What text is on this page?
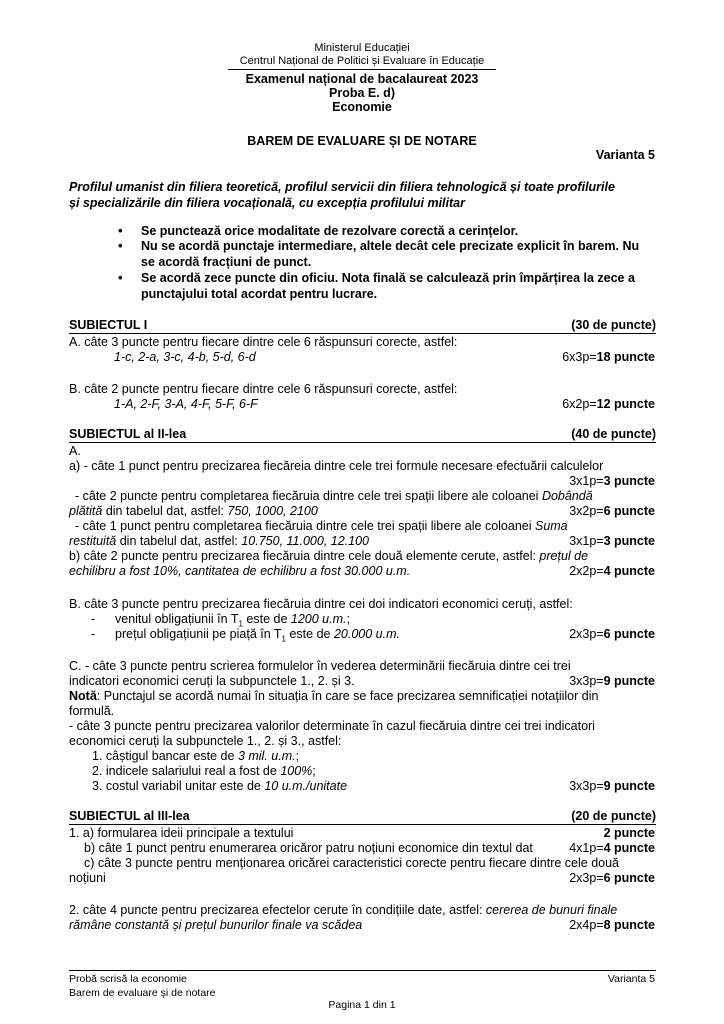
Ministerul Educației
Centrul Național de Politici și Evaluare în Educație
Examenul național de bacalaureat 2023
Proba E. d)
Economie
BAREM DE EVALUARE ȘI DE NOTARE
Varianta 5
Profilul umanist din filiera teoretică, profilul servicii din filiera tehnologică și toate profilurile
și specializările din filiera vocațională, cu excepția profilului militar
• Se punctează orice modalitate de rezolvare corectă a cerințelor.
• Nu se acordă punctaje intermediare, altele decât cele precizate explicit în barem. Nu
se acordă fracțiuni de punct.
• Se acordă zece puncte din oficiu. Nota finală se calculează prin împărțirea la zece a
punctajului total acordat pentru lucrare.
SUBIECTUL I	(30 de puncte)
A. câte 3 puncte pentru fiecare dintre cele 6 răspunsuri corecte, astfel:
1-c, 2-a, 3-c, 4-b, 5-d, 6-d	6x3p=18 puncte
B. câte 2 puncte pentru fiecare dintre cele 6 răspunsuri corecte, astfel:
1-A, 2-F, 3-A, 4-F, 5-F, 6-F	6x2p=12 puncte
SUBIECTUL al II-lea	(40 de puncte)
A.
a) - câte 1 punct pentru precizarea fiecăreia dintre cele trei formule necesare efectuării calculelor
3x1p=3 puncte
- câte 2 puncte pentru completarea fiecăruia dintre cele trei spații libere ale coloanei Dobândă
plătită din tabelul dat, astfel: 750, 1000, 2100	3x2p=6 puncte
- câte 1 punct pentru completarea fiecăruia dintre cele trei spații libere ale coloanei Suma
restituită din tabelul dat, astfel: 10.750, 11.000, 12.100	3x1p=3 puncte
b) câte 2 puncte pentru precizarea fiecăruia dintre cele două elemente cerute, astfel: prețul de
echilibru a fost 10%, cantitatea de echilibru a fost 30.000 u.m.	2x2p=4 puncte
B. câte 3 puncte pentru precizarea fiecăruia dintre cei doi indicatori economici ceruți, astfel:
- venitul obligațiunii în $T_1$ este de 1200 u.m.;
- prețul obligațiunii pe piață în $T_1$ este de 20.000 u.m.	2x3p=6 puncte
C. - câte 3 puncte pentru scrierea formulelor în vederea determinării fiecăruia dintre cei trei
indicatori economici ceruți la subpunctele 1., 2. și 3.	3x3p=9 puncte
Notă: Punctajul se acordă numai în situația în care se face precizarea semnificației notațiilor din
formulă.
- câte 3 puncte pentru precizarea valorilor determinate în cazul fiecăruia dintre cei trei indicatori
economici ceruți la subpunctele 1., 2. și 3., astfel:
1. câștigul bancar este de 3 mil. u.m.;
2. indicele salariului real a fost de 100%;
3. costul variabil unitar este de 10 u.m./unitate	3x3p=9 puncte
SUBIECTUL al III-lea	(20 de puncte)
1. a) formularea ideii principale a textului	2 puncte
b) câte 1 punct pentru enumerarea oricăror patru noțiuni economice din textul dat	4x1p=4 puncte
c) câte 3 puncte pentru menționarea oricărei caracteristici corecte pentru fiecare dintre cele două
noțiuni	2x3p=6 puncte
2. câte 4 puncte pentru precizarea efectelor cerute în condițiile date, astfel: cererea de bunuri finale
rămâne constantă și prețul bunurilor finale va scădea	2x4p=8 puncte
Probă scrisă la economie
Barem de evaluare și de notare
Varianta 5
Pagina 1 din 1
